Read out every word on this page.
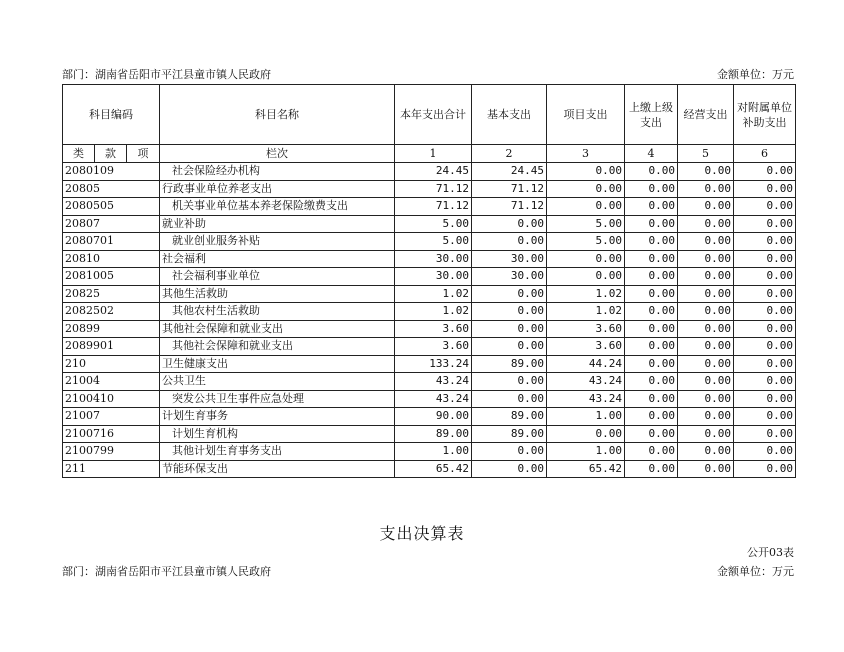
部门：湖南省岳阳市平江县童市镇人民政府	金额单位：万元
科目编码			科目名称	本年支出合计	基本支出	项目支出	上缴上级支出	经营支出	对附属单位补助支出
类	款	项	栏次	1	2	3	4	5	6
2080109			社会保险经办机构	24.45	24.45	0.00	0.00	0.00	0.00
20805			行政事业单位养老支出	71.12	71.12	0.00	0.00	0.00	0.00
2080505			机关事业单位基本养老保险缴费支出	71.12	71.12	0.00	0.00	0.00	0.00
20807			就业补助	5.00	0.00	5.00	0.00	0.00	0.00
2080701			就业创业服务补贴	5.00	0.00	5.00	0.00	0.00	0.00
20810			社会福利	30.00	30.00	0.00	0.00	0.00	0.00
2081005			社会福利事业单位	30.00	30.00	0.00	0.00	0.00	0.00
20825			其他生活救助	1.02	0.00	1.02	0.00	0.00	0.00
2082502			其他农村生活救助	1.02	0.00	1.02	0.00	0.00	0.00
20899			其他社会保障和就业支出	3.60	0.00	3.60	0.00	0.00	0.00
2089901			其他社会保障和就业支出	3.60	0.00	3.60	0.00	0.00	0.00
210			卫生健康支出	133.24	89.00	44.24	0.00	0.00	0.00
21004			公共卫生	43.24	0.00	43.24	0.00	0.00	0.00
2100410			突发公共卫生事件应急处理	43.24	0.00	43.24	0.00	0.00	0.00
21007			计划生育事务	90.00	89.00	1.00	0.00	0.00	0.00
2100716			计划生育机构	89.00	89.00	0.00	0.00	0.00	0.00
2100799			其他计划生育事务支出	1.00	0.00	1.00	0.00	0.00	0.00
211			节能环保支出	65.42	0.00	65.42	0.00	0.00	0.00
支出决算表
公开03表
部门：湖南省岳阳市平江县童市镇人民政府	金额单位：万元
